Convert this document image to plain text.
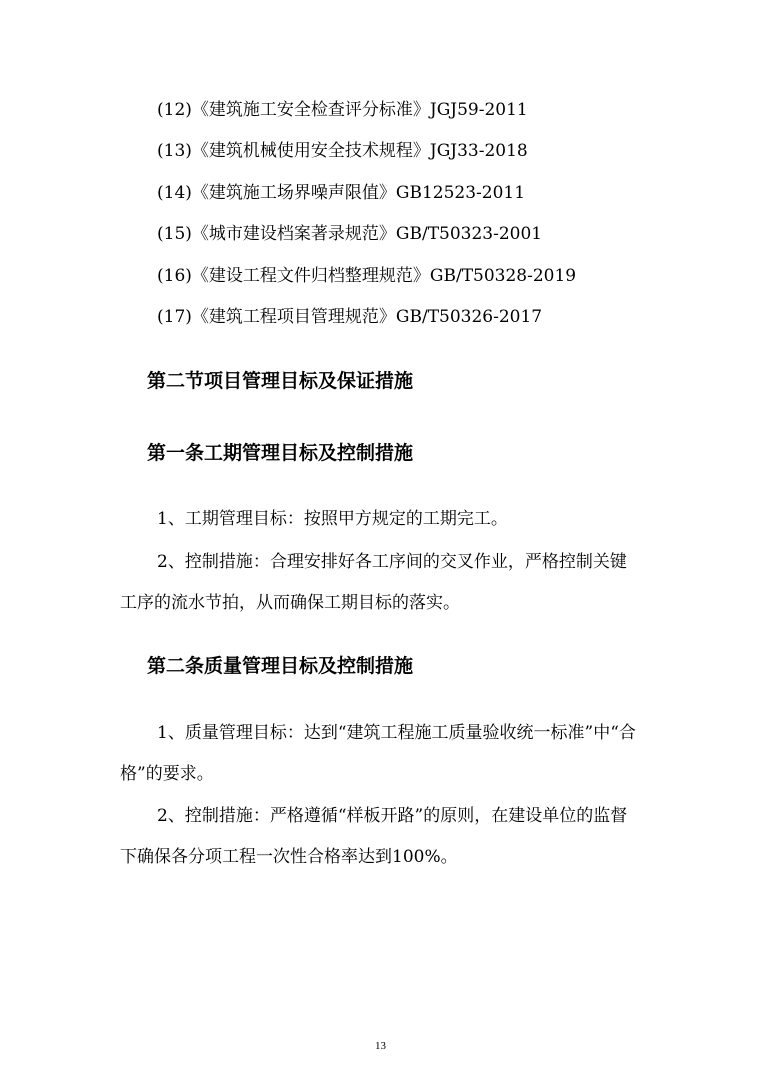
(12)《建筑施工安全检查评分标准》JGJ59-2011
(13)《建筑机械使用安全技术规程》JGJ33-2018
(14)《建筑施工场界噪声限值》GB12523-2011
(15)《城市建设档案著录规范》GB/T50323-2001
(16)《建设工程文件归档整理规范》GB/T50328-2019
(17)《建筑工程项目管理规范》GB/T50326-2017
第二节项目管理目标及保证措施
第一条工期管理目标及控制措施

1、工期管理目标：按照甲方规定的工期完工。

2、控制措施：合理安排好各工序间的交叉作业，严格控制关键工序的流水节拍，从而确保工期目标的落实。

第二条质量管理目标及控制措施

1、质量管理目标：达到“建筑工程施工质量验收统一标准”中“合格”的要求。

2、控制措施：严格遵循“样板开路”的原则，在建设单位的监督下确保各分项工程一次性合格率达到100%。

13
